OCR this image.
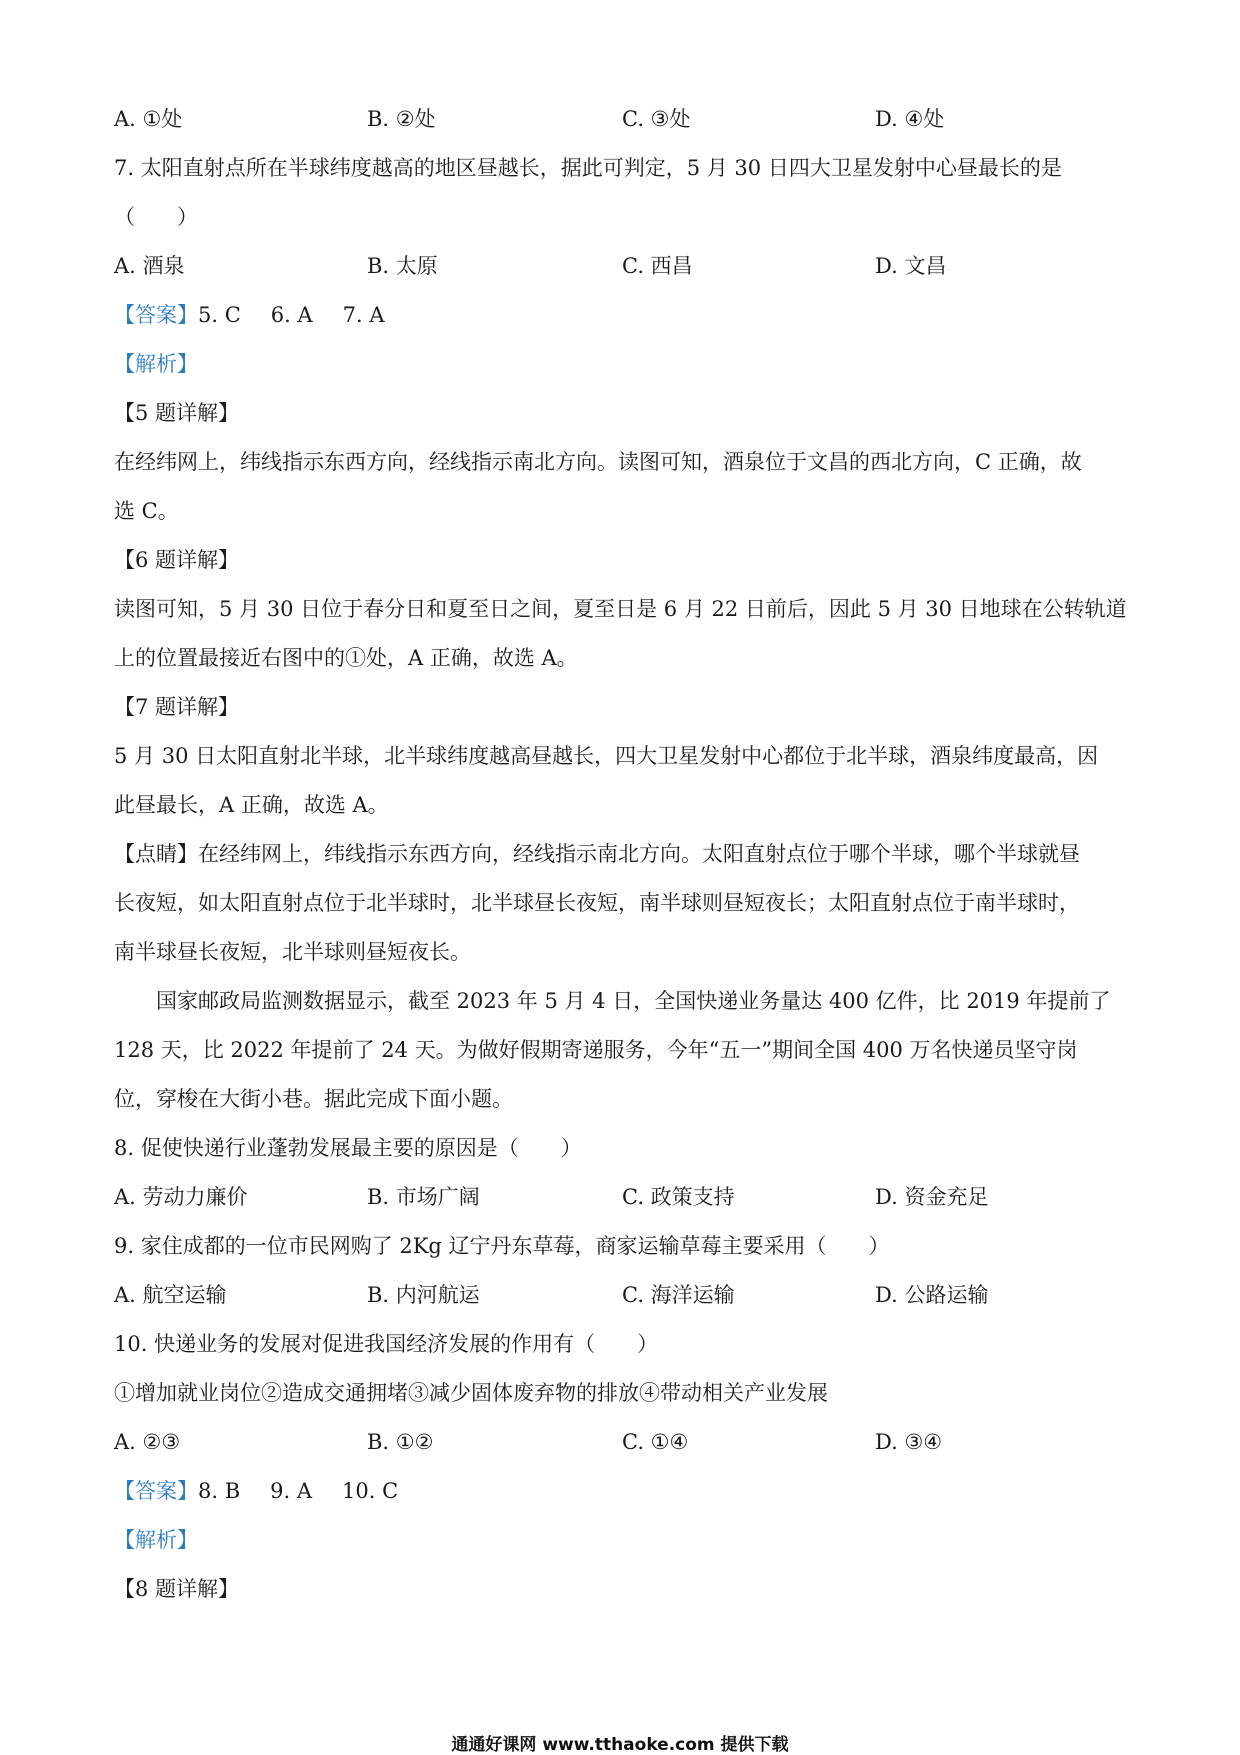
A. ①处	B. ②处	C. ③处	D. ④处
7. 太阳直射点所在半球纬度越高的地区昼越长，据此可判定，5 月 30 日四大卫星发射中心昼最长的是
（　　）
A. 酒泉	B. 太原	C. 西昌	D. 文昌
【答案】5. C 6. A 7. A
【解析】
【5 题详解】
在经纬网上，纬线指示东西方向，经线指示南北方向。读图可知，酒泉位于文昌的西北方向，C 正确，故
选 C。
【6 题详解】
读图可知，5 月 30 日位于春分日和夏至日之间，夏至日是 6 月 22 日前后，因此 5 月 30 日地球在公转轨道
上的位置最接近右图中的①处，A 正确，故选 A。
【7 题详解】
5 月 30 日太阳直射北半球，北半球纬度越高昼越长，四大卫星发射中心都位于北半球，酒泉纬度最高，因
此昼最长，A 正确，故选 A。
【点睛】在经纬网上，纬线指示东西方向，经线指示南北方向。太阳直射点位于哪个半球，哪个半球就昼
长夜短，如太阳直射点位于北半球时，北半球昼长夜短，南半球则昼短夜长；太阳直射点位于南半球时，
南半球昼长夜短，北半球则昼短夜长。
国家邮政局监测数据显示，截至 2023 年 5 月 4 日，全国快递业务量达 400 亿件，比 2019 年提前了
128 天，比 2022 年提前了 24 天。为做好假期寄递服务，今年“五一”期间全国 400 万名快递员坚守岗
位，穿梭在大街小巷。据此完成下面小题。
8. 促使快递行业蓬勃发展最主要的原因是（　　）
A. 劳动力廉价	B. 市场广阔	C. 政策支持	D. 资金充足
9. 家住成都的一位市民网购了 2Kg 辽宁丹东草莓，商家运输草莓主要采用（　　）
A. 航空运输	B. 内河航运	C. 海洋运输	D. 公路运输
10. 快递业务的发展对促进我国经济发展的作用有（　　）
①增加就业岗位②造成交通拥堵③减少固体废弃物的排放④带动相关产业发展
A. ②③	B. ①②	C. ①④	D. ③④
【答案】8. B 9. A 10. C
【解析】
【8 题详解】
通通好课网 www.tthaoke.com 提供下载
